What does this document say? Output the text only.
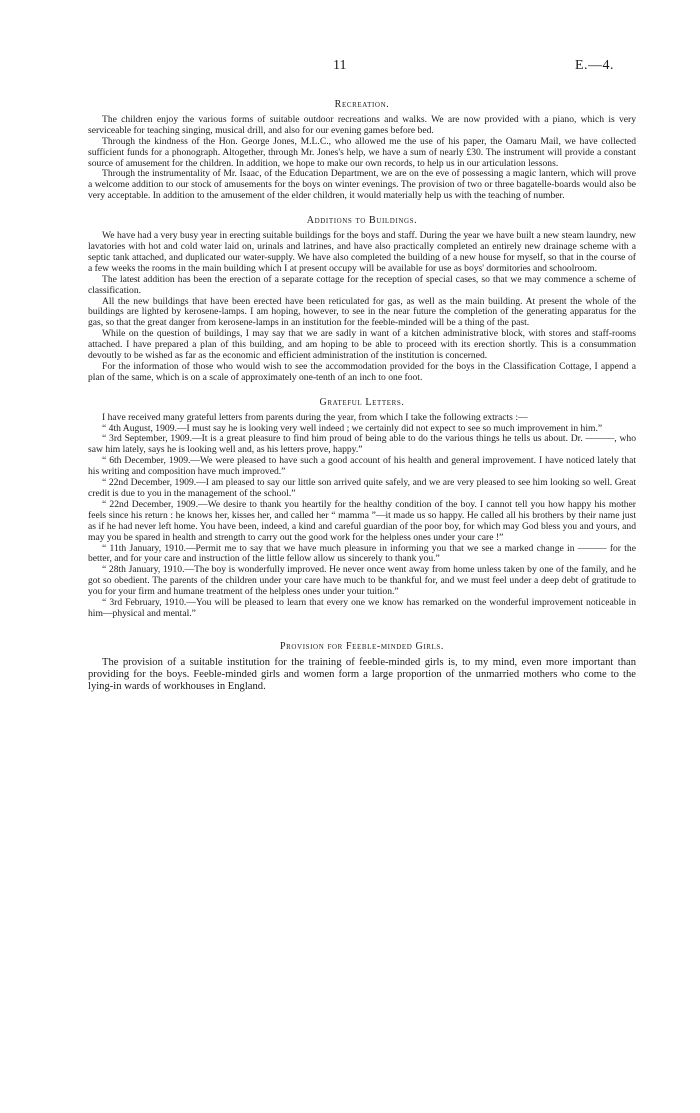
11	E.—4.
Recreation.

The children enjoy the various forms of suitable outdoor recreations and walks. We are now provided with a piano, which is very serviceable for teaching singing, musical drill, and also for our evening games before bed.

Through the kindness of the Hon. George Jones, M.L.C., who allowed me the use of his paper, the Oamaru Mail, we have collected sufficient funds for a phonograph. Altogether, through Mr. Jones's help, we have a sum of nearly £30. The instrument will provide a constant source of amusement for the children. In addition, we hope to make our own records, to help us in our articulation lessons.

Through the instrumentality of Mr. Isaac, of the Education Department, we are on the eve of possessing a magic lantern, which will prove a welcome addition to our stock of amusements for the boys on winter evenings. The provision of two or three bagatelle-boards would also be very acceptable. In addition to the amusement of the elder children, it would materially help us with the teaching of number.

Additions to Buildings.

We have had a very busy year in erecting suitable buildings for the boys and staff. During the year we have built a new steam laundry, new lavatories with hot and cold water laid on, urinals and latrines, and have also practically completed an entirely new drainage scheme with a septic tank attached, and duplicated our water-supply. We have also completed the building of a new house for myself, so that in the course of a few weeks the rooms in the main building which I at present occupy will be available for use as boys' dormitories and schoolroom.

The latest addition has been the erection of a separate cottage for the reception of special cases, so that we may commence a scheme of classification.

All the new buildings that have been erected have been reticulated for gas, as well as the main building. At present the whole of the buildings are lighted by kerosene-lamps. I am hoping, however, to see in the near future the completion of the generating apparatus for the gas, so that the great danger from kerosene-lamps in an institution for the feeble-minded will be a thing of the past.

While on the question of buildings, I may say that we are sadly in want of a kitchen administrative block, with stores and staff-rooms attached. I have prepared a plan of this building, and am hoping to be able to proceed with its erection shortly. This is a consummation devoutly to be wished as far as the economic and efficient administration of the institution is concerned.

For the information of those who would wish to see the accommodation provided for the boys in the Classification Cottage, I append a plan of the same, which is on a scale of approximately one-tenth of an inch to one foot.

Grateful Letters.

I have received many grateful letters from parents during the year, from which I take the following extracts :—

“ 4th August, 1909.—I must say he is looking very well indeed ; we certainly did not expect to see so much improvement in him.”

“ 3rd September, 1909.—It is a great pleasure to find him proud of being able to do the various things he tells us about. Dr. ———, who saw him lately, says he is looking well and, as his letters prove, happy.”

“ 6th December, 1909.—We were pleased to have such a good account of his health and general improvement. I have noticed lately that his writing and composition have much improved.”

“ 22nd December, 1909.—I am pleased to say our little son arrived quite safely, and we are very pleased to see him looking so well. Great credit is due to you in the management of the school.”

“ 22nd December, 1909.—We desire to thank you heartily for the healthy condition of the boy. I cannot tell you how happy his mother feels since his return : he knows her, kisses her, and called her “ mamma ”—it made us so happy. He called all his brothers by their name just as if he had never left home. You have been, indeed, a kind and careful guardian of the poor boy, for which may God bless you and yours, and may you be spared in health and strength to carry out the good work for the helpless ones under your care !”

“ 11th January, 1910.—Permit me to say that we have much pleasure in informing you that we see a marked change in ——— for the better, and for your care and instruction of the little fellow allow us sincerely to thank you.”

“ 28th January, 1910.—The boy is wonderfully improved. He never once went away from home unless taken by one of the family, and he got so obedient. The parents of the children under your care have much to be thankful for, and we must feel under a deep debt of gratitude to you for your firm and humane treatment of the helpless ones under your tuition.”

“ 3rd February, 1910.—You will be pleased to learn that every one we know has remarked on the wonderful improvement noticeable in him—physical and mental.”

Provision for Feeble-minded Girls.

The provision of a suitable institution for the training of feeble-minded girls is, to my mind, even more important than providing for the boys. Feeble-minded girls and women form a large proportion of the unmarried mothers who come to the lying-in wards of workhouses in England.
